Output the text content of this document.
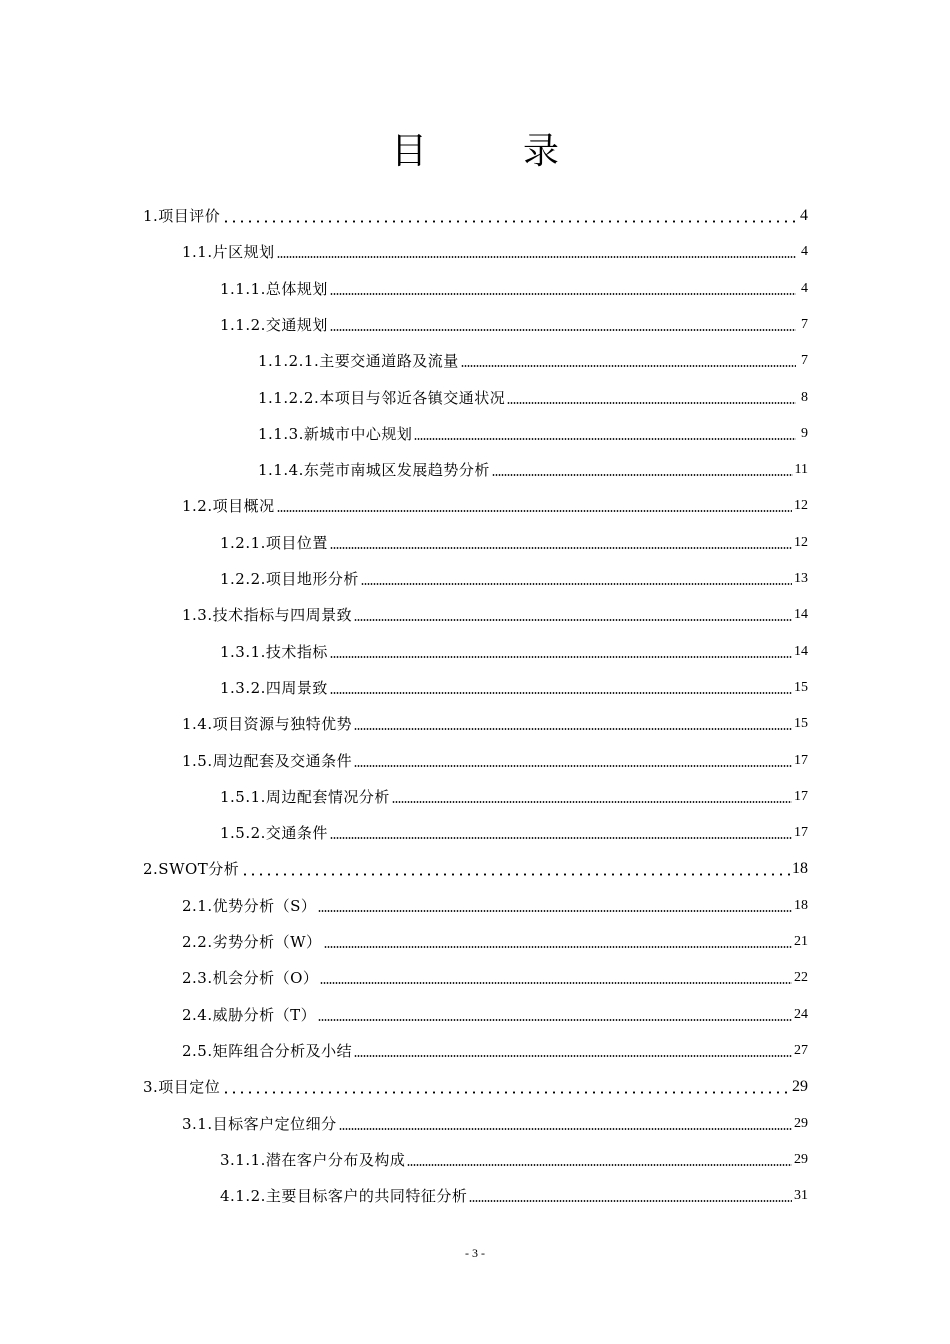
目　录
1.项目评价	4
1.1.片区规划	4
1.1.1.总体规划	4
1.1.2.交通规划	7
1.1.2.1.主要交通道路及流量	7
1.1.2.2.本项目与邻近各镇交通状况	8
1.1.3.新城市中心规划	9
1.1.4.东莞市南城区发展趋势分析	11
1.2.项目概况	12
1.2.1.项目位置	12
1.2.2.项目地形分析	13
1.3.技术指标与四周景致	14
1.3.1.技术指标	14
1.3.2.四周景致	15
1.4.项目资源与独特优势	15
1.5.周边配套及交通条件	17
1.5.1.周边配套情况分析	17
1.5.2.交通条件	17
2.SWOT分析	18
2.1.优势分析（S）	18
2.2.劣势分析（W）	21
2.3.机会分析（O）	22
2.4.威胁分析（T）	24
2.5.矩阵组合分析及小结	27
3.项目定位	29
3.1.目标客户定位细分	29
3.1.1.潜在客户分布及构成	29
4.1.2.主要目标客户的共同特征分析	31
- 3 -
